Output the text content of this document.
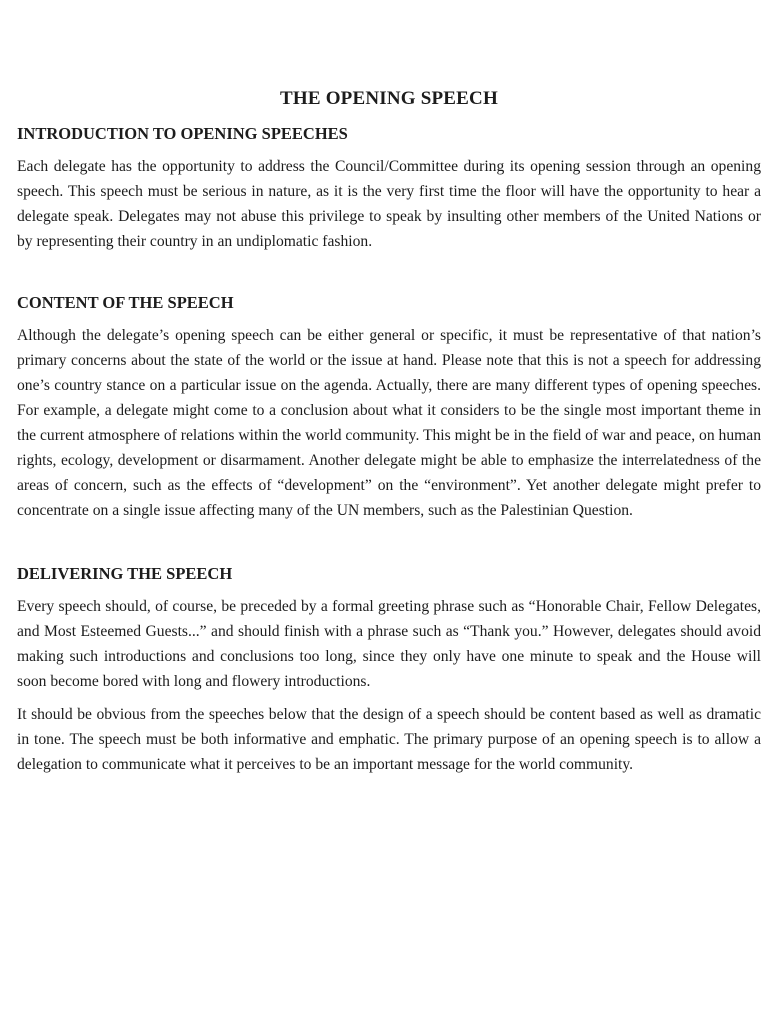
THE OPENING SPEECH
INTRODUCTION TO OPENING SPEECHES

Each delegate has the opportunity to address the Council/Committee during its opening session through an opening speech. This speech must be serious in nature, as it is the very first time the floor will have the opportunity to hear a delegate speak. Delegates may not abuse this privilege to speak by insulting other members of the United Nations or by representing their country in an undiplomatic fashion.

CONTENT OF THE SPEECH

Although the delegate’s opening speech can be either general or specific, it must be representative of that nation’s primary concerns about the state of the world or the issue at hand. Please note that this is not a speech for addressing one’s country stance on a particular issue on the agenda. Actually, there are many different types of opening speeches. For example, a delegate might come to a conclusion about what it considers to be the single most important theme in the current atmosphere of relations within the world community. This might be in the field of war and peace, on human rights, ecology, development or disarmament. Another delegate might be able to emphasize the interrelatedness of the areas of concern, such as the effects of “development” on the “environment”. Yet another delegate might prefer to concentrate on a single issue affecting many of the UN members, such as the Palestinian Question.

DELIVERING THE SPEECH

Every speech should, of course, be preceded by a formal greeting phrase such as “Honorable Chair, Fellow Delegates, and Most Esteemed Guests...” and should finish with a phrase such as “Thank you.” However, delegates should avoid making such introductions and conclusions too long, since they only have one minute to speak and the House will soon become bored with long and flowery introductions.

It should be obvious from the speeches below that the design of a speech should be content based as well as dramatic in tone. The speech must be both informative and emphatic. The primary purpose of an opening speech is to allow a delegation to communicate what it perceives to be an important message for the world community.
